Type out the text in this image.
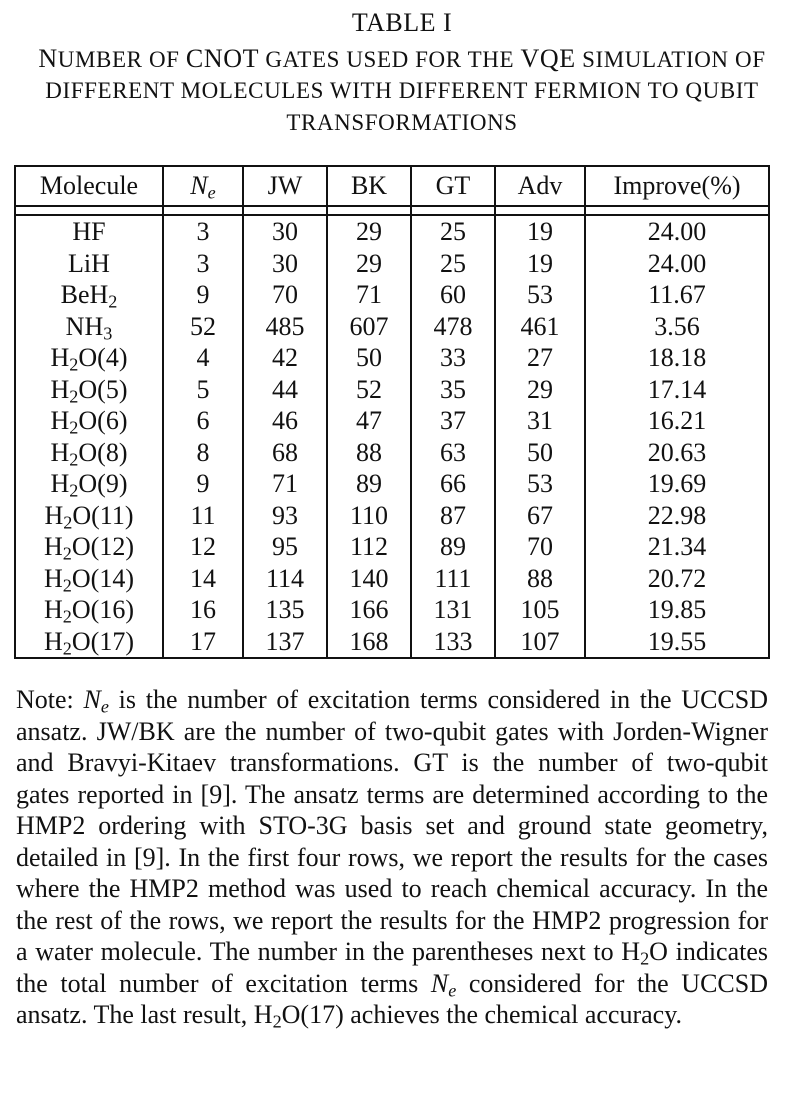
TABLE I
NUMBER OF CNOT GATES USED FOR THE VQE SIMULATION OF
DIFFERENT MOLECULES WITH DIFFERENT FERMION TO QUBIT
TRANSFORMATIONS
Molecule	$N_e$	JW	BK	GT	Adv	Improve(%)

HF	3	30	29	25	19	24.00
LiH	3	30	29	25	19	24.00
BeH$_2$	9	70	71	60	53	11.67
$NH_3$	52	485	607	478	461	3.56
$H_2O(4)$	4	42	50	33	27	18.18
$H_2O(5)$	5	44	52	35	29	17.14
$H_2O(6)$	6	46	47	37	31	16.21
$H_2O(8)$	8	68	88	63	50	20.63
$H_2O(9)$	9	71	89	66	53	19.69
$H_2O(11)$	11	93	110	87	67	22.98
$H_2O(12)$	12	95	112	89	70	21.34
$H_2O(14)$	14	114	140	111	88	20.72
$H_2O(16)$	16	135	166	131	105	19.85
$H_2O(17)$	17	137	168	133	107	19.55

Note: $N_e$ is the number of excitation terms considered in the UCCSD ansatz. JW/BK are the number of two-qubit gates with Jorden-Wigner and Bravyi-Kitaev transformations. GT is the number of two-qubit gates reported in [9]. The ansatz terms are determined according to the HMP2 ordering with STO-3G basis set and ground state geometry, detailed in [9]. In the first four rows, we report the results for the cases where the HMP2 method was used to reach chemical accuracy. In the the rest of the rows, we report the results for the HMP2 progression for a water molecule. The number in the parentheses next to $H_2O$ indicates the total number of excitation terms $N_e$ considered for the UCCSD ansatz. The last result, $H_2O(17)$ achieves the chemical accuracy.
